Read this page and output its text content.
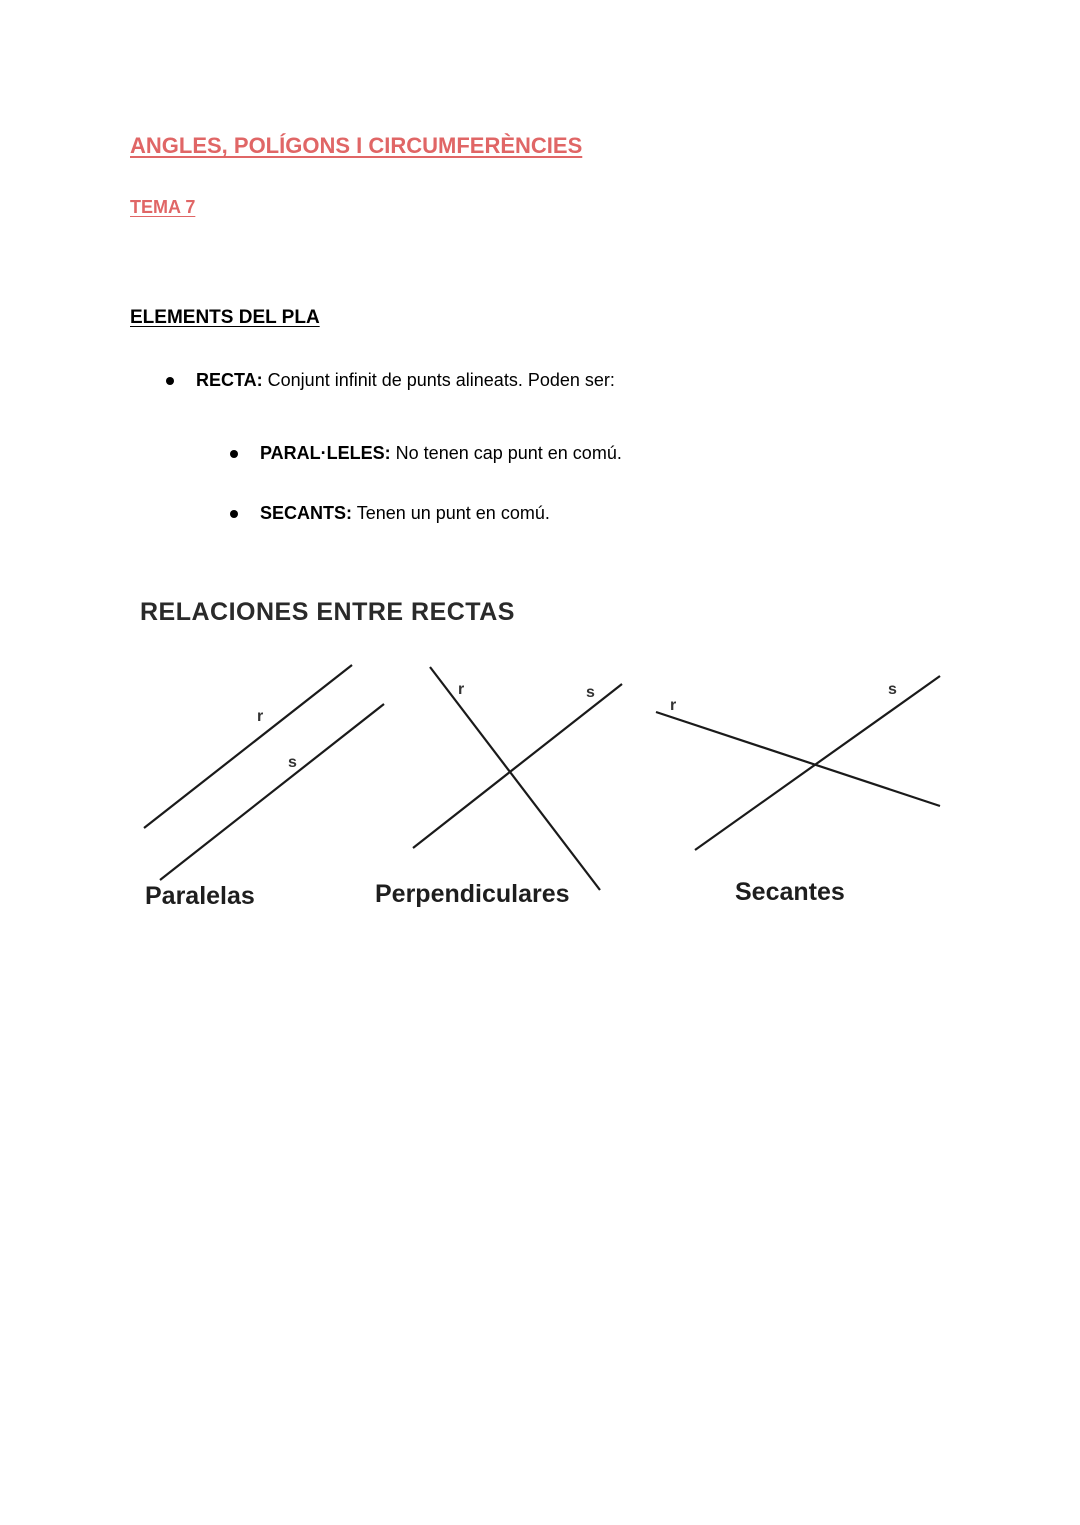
ANGLES, POLÍGONS I CIRCUMFERÈNCIES
TEMA 7
ELEMENTS DEL PLA
RECTA: Conjunt infinit de punts alineats. Poden ser:
PARAL·LELES: No tenen cap punt en comú.
SECANTS: Tenen un punt en comú.
RELACIONES ENTRE RECTAS
r
s
r	s
r
s
Paralelas	Perpendiculares	Secantes
